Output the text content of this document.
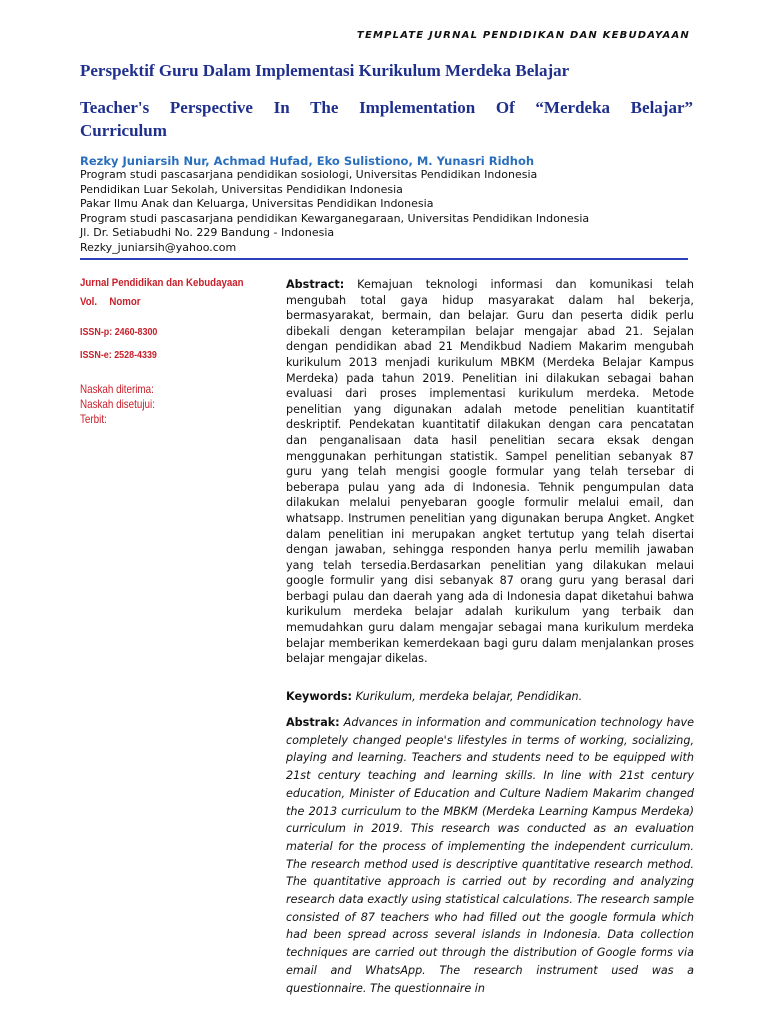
TEMPLATE JURNAL PENDIDIKAN DAN KEBUDAYAAN
Perspektif Guru Dalam Implementasi Kurikulum Merdeka Belajar
Teacher's Perspective In The Implementation Of “Merdeka Belajar” Curriculum
Rezky Juniarsih Nur, Achmad Hufad, Eko Sulistiono, M. Yunasri Ridhoh
Program studi pascasarjana pendidikan sosiologi, Universitas Pendidikan Indonesia
Pendidikan Luar Sekolah, Universitas Pendidikan Indonesia
Pakar Ilmu Anak dan Keluarga, Universitas Pendidikan Indonesia
Program studi pascasarjana pendidikan Kewarganegaraan, Universitas Pendidikan Indonesia
Jl. Dr. Setiabudhi No. 229 Bandung - Indonesia
Rezky_juniarsih@yahoo.com
Jurnal Pendidikan dan Kebudayaan
Vol. Nomor
ISSN-p: 2460-8300
ISSN-e: 2528-4339
Naskah diterima:
Naskah disetujui:
Terbit:
Abstract: Kemajuan teknologi informasi dan komunikasi telah mengubah total gaya hidup masyarakat dalam hal bekerja, bermasyarakat, bermain, dan belajar. Guru dan peserta didik perlu dibekali dengan keterampilan belajar mengajar abad 21. Sejalan dengan pendidikan abad 21 Mendikbud Nadiem Makarim mengubah kurikulum 2013 menjadi kurikulum MBKM (Merdeka Belajar Kampus Merdeka) pada tahun 2019. Penelitian ini dilakukan sebagai bahan evaluasi dari proses implementasi kurikulum merdeka. Metode penelitian yang digunakan adalah metode penelitian kuantitatif deskriptif. Pendekatan kuantitatif dilakukan dengan cara pencatatan dan penganalisaan data hasil penelitian secara eksak dengan menggunakan perhitungan statistik. Sampel penelitian sebanyak 87 guru yang telah mengisi google formular yang telah tersebar di beberapa pulau yang ada di Indonesia. Tehnik pengumpulan data dilakukan melalui penyebaran google formulir melalui email, dan whatsapp. Instrumen penelitian yang digunakan berupa Angket. Angket dalam penelitian ini merupakan angket tertutup yang telah disertai dengan jawaban, sehingga responden hanya perlu memilih jawaban yang telah tersedia.Berdasarkan penelitian yang dilakukan melaui google formulir yang disi sebanyak 87 orang guru yang berasal dari berbagi pulau dan daerah yang ada di Indonesia dapat diketahui bahwa kurikulum merdeka belajar adalah kurikulum yang terbaik dan memudahkan guru dalam mengajar sebagai mana kurikulum merdeka belajar memberikan kemerdekaan bagi guru dalam menjalankan proses belajar mengajar dikelas.
Keywords: Kurikulum, merdeka belajar, Pendidikan.
Abstrak: Advances in information and communication technology have completely changed people's lifestyles in terms of working, socializing, playing and learning. Teachers and students need to be equipped with 21st century teaching and learning skills. In line with 21st century education, Minister of Education and Culture Nadiem Makarim changed the 2013 curriculum to the MBKM (Merdeka Learning Kampus Merdeka) curriculum in 2019. This research was conducted as an evaluation material for the process of implementing the independent curriculum. The research method used is descriptive quantitative research method. The quantitative approach is carried out by recording and analyzing research data exactly using statistical calculations. The research sample consisted of 87 teachers who had filled out the google formula which had been spread across several islands in Indonesia. Data collection techniques are carried out through the distribution of Google forms via email and WhatsApp. The research instrument used was a questionnaire. The questionnaire in
